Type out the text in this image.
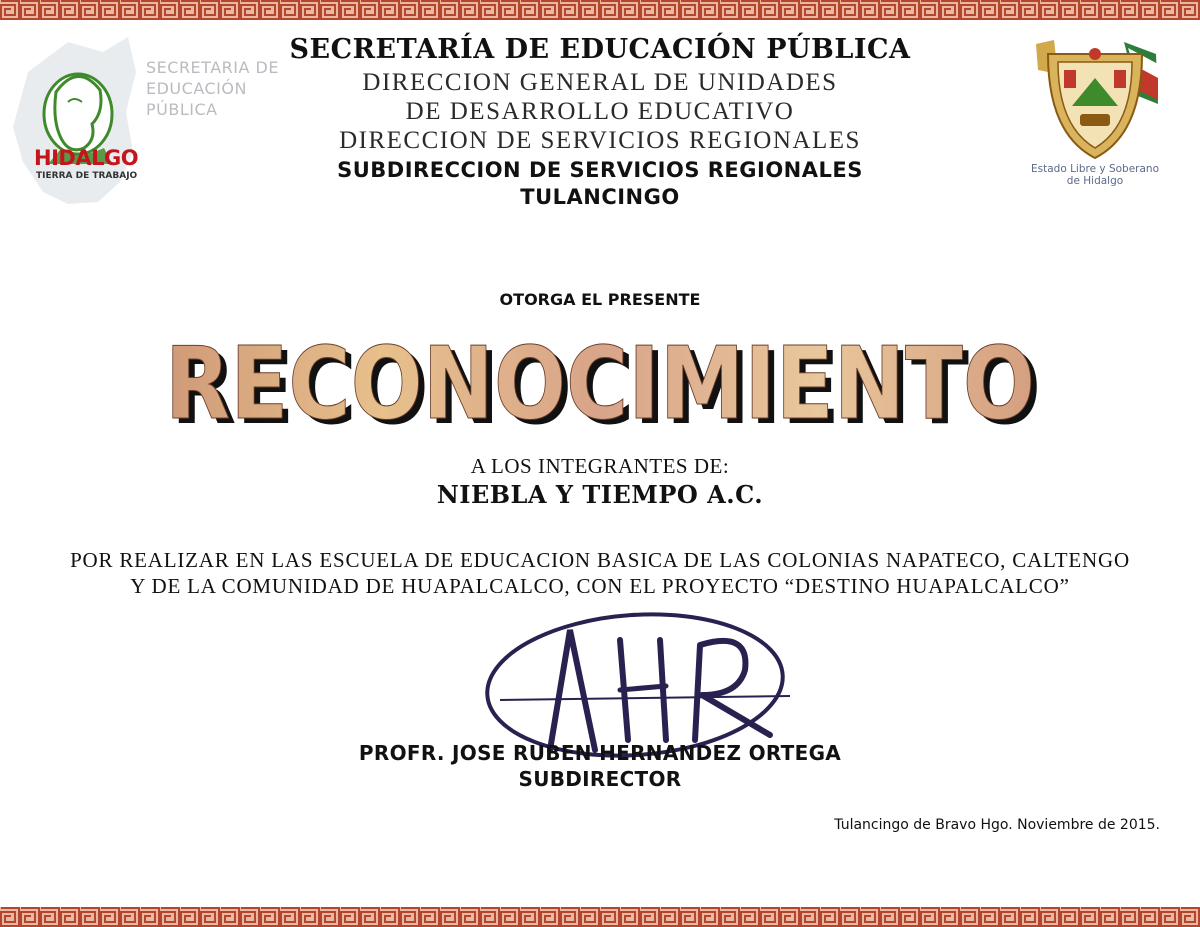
SECRETARIA DE
EDUCACIÓN
PÚBLICA
HIDALGO
TIERRA DE TRABAJO
SECRETARÍA DE EDUCACIÓN PÚBLICA
DIRECCION GENERAL DE UNIDADES
DE DESARROLLO EDUCATIVO
DIRECCION DE SERVICIOS REGIONALES
SUBDIRECCION DE SERVICIOS REGIONALES
TULANCINGO
Estado Libre y Soberano
de Hidalgo
OTORGA EL PRESENTE
RECONOCIMIENTO
RECONOCIMIENTO
A LOS INTEGRANTES DE:
NIEBLA Y TIEMPO A.C.
POR REALIZAR EN LAS ESCUELA DE EDUCACION BASICA DE LAS COLONIAS NAPATECO, CALTENGO
Y DE LA COMUNIDAD DE HUAPALCALCO, CON EL PROYECTO “DESTINO HUAPALCALCO”
PROFR. JOSE RUBEN HERNANDEZ ORTEGA
SUBDIRECTOR
Tulancingo de Bravo Hgo. Noviembre de 2015.
